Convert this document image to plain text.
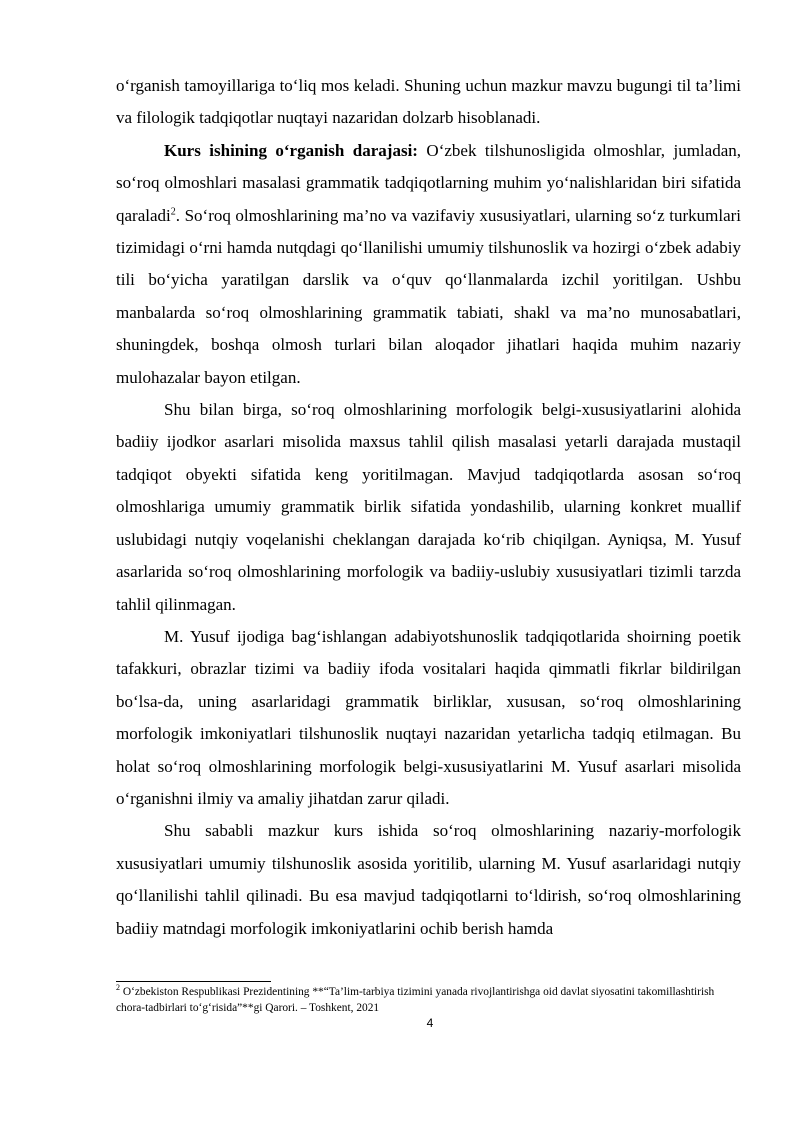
o‘rganish tamoyillariga to‘liq mos keladi. Shuning uchun mazkur mavzu bugungi til ta’limi va filologik tadqiqotlar nuqtayi nazaridan dolzarb hisoblanadi.

Kurs ishining o‘rganish darajasi: O‘zbek tilshunosligida olmoshlar, jumladan, so‘roq olmoshlari masalasi grammatik tadqiqotlarning muhim yo‘nalishlaridan biri sifatida qaraladi$^2$. So‘roq olmoshlarining ma’no va vazifaviy xususiyatlari, ularning so‘z turkumlari tizimidagi o‘rni hamda nutqdagi qo‘llanilishi umumiy tilshunoslik va hozirgi o‘zbek adabiy tili bo‘yicha yaratilgan darslik va o‘quv qo‘llanmalarda izchil yoritilgan. Ushbu manbalarda so‘roq olmoshlarining grammatik tabiati, shakl va ma’no munosabatlari, shuningdek, boshqa olmosh turlari bilan aloqador jihatlari haqida muhim nazariy mulohazalar bayon etilgan.

Shu bilan birga, so‘roq olmoshlarining morfologik belgi-xususiyatlarini alohida badiiy ijodkor asarlari misolida maxsus tahlil qilish masalasi yetarli darajada mustaqil tadqiqot obyekti sifatida keng yoritilmagan. Mavjud tadqiqotlarda asosan so‘roq olmoshlariga umumiy grammatik birlik sifatida yondashilib, ularning konkret muallif uslubidagi nutqiy voqelanishi cheklangan darajada ko‘rib chiqilgan. Ayniqsa, M. Yusuf asarlarida so‘roq olmoshlarining morfologik va badiiy-uslubiy xususiyatlari tizimli tarzda tahlil qilinmagan.

M. Yusuf ijodiga bag‘ishlangan adabiyotshunoslik tadqiqotlarida shoirning poetik tafakkuri, obrazlar tizimi va badiiy ifoda vositalari haqida qimmatli fikrlar bildirilgan bo‘lsa-da, uning asarlaridagi grammatik birliklar, xususan, so‘roq olmoshlarining morfologik imkoniyatlari tilshunoslik nuqtayi nazaridan yetarlicha tadqiq etilmagan. Bu holat so‘roq olmoshlarining morfologik belgi-xususiyatlarini M. Yusuf asarlari misolida o‘rganishni ilmiy va amaliy jihatdan zarur qiladi.

Shu sababli mazkur kurs ishida so‘roq olmoshlarining nazariy-morfologik xususiyatlari umumiy tilshunoslik asosida yoritilib, ularning M. Yusuf asarlaridagi nutqiy qo‘llanilishi tahlil qilinadi. Bu esa mavjud tadqiqotlarni to‘ldirish, so‘roq olmoshlarining badiiy matndagi morfologik imkoniyatlarini ochib berish hamda

$^2$ O‘zbekiston Respublikasi Prezidentining **“Ta’lim-tarbiya tizimini yanada rivojlantirishga oid davlat siyosatini takomillashtirish chora-tadbirlari to‘g‘risida”**gi Qarori. – Toshkent, 2021

4
